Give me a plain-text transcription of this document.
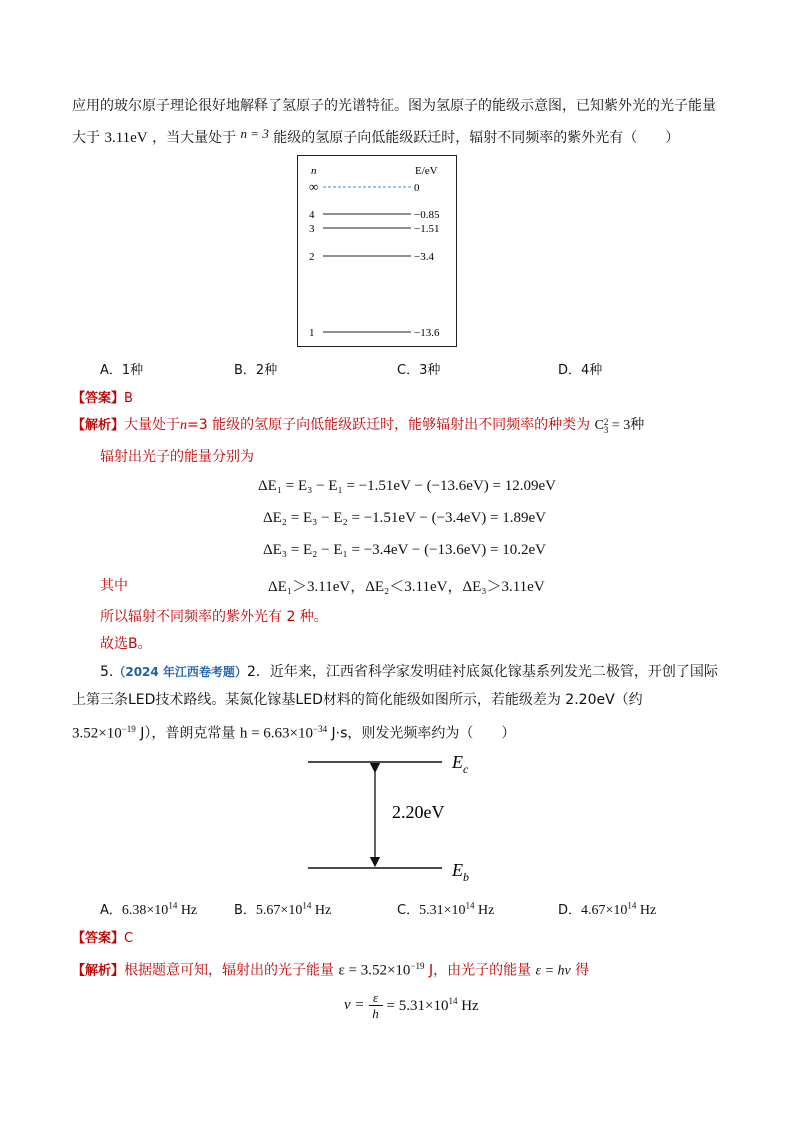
应用的玻尔原子理论很好地解释了氢原子的光谱特征。图为氢原子的能级示意图，已知紫外光的光子能量
大于 3.11eV ，当大量处于 n = 3 能级的氢原子向低能级跃迁时，辐射不同频率的紫外光有（　　）
n	E/eV
∞	0
4	−0.85
3	−1.51
2	−3.4
1	−13.6
A．1种	B．2种	C．3种	D．4种
【答案】B
【解析】大量处于n=3 能级的氢原子向低能级跃迁时，能够辐射出不同频率的种类为 C 2
3 = 3种
辐射出光子的能量分别为
ΔE₁ = E₃ − E₁ = −1.51eV − (−13.6eV) = 12.09eV
ΔE₂ = E₃ − E₂ = −1.51eV − (−3.4eV) = 1.89eV
ΔE₃ = E₂ − E₁ = −3.4eV − (−13.6eV) = 10.2eV
其中	ΔE₁＞3.11eV，ΔE₂＜3.11eV，ΔE₃＞3.11eV
所以辐射不同频率的紫外光有 2 种。
故选B。
5.（2024 年江西卷考题）2．近年来，江西省科学家发明硅衬底氮化镓基系列发光二极管，开创了国际
上第三条LED技术路线。某氮化镓基LED材料的简化能级如图所示，若能级差为 2.20eV（约
$3.52\times 10^{-19}$ J），普朗克常量 $h = 6.63\times 10^{-34}$ J·s，则发光频率约为（　　）
$E_c$
$E_b$
2.20eV
A．$6.38\times 10^{14}$ Hz	B．$5.67\times 10^{14}$ Hz	C．$5.31\times 10^{14}$ Hz	D．$4.67\times 10^{14}$ Hz
【答案】C
【解析】根据题意可知，辐射出的光子能量 $\varepsilon = 3.52\times 10^{-19}$ J，由光子的能量 ε = hν 得
ν = ε
$h = 5.31\times 10^{14}$ Hz
